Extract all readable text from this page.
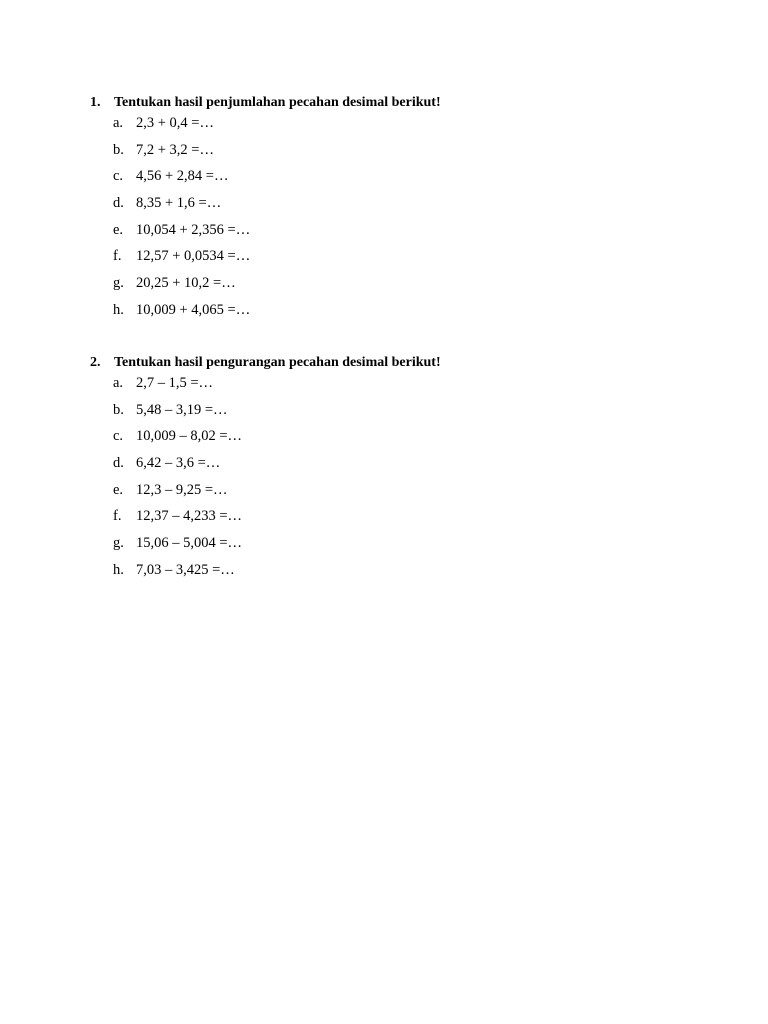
1. Tentukan hasil penjumlahan pecahan desimal berikut!
a. 2,3 + 0,4 =…
b. 7,2 + 3,2 =…
c. 4,56 + 2,84 =…
d. 8,35 + 1,6 =…
e. 10,054 + 2,356 =…
f. 12,57 + 0,0534 =…
g. 20,25 + 10,2 =…
h. 10,009 + 4,065 =…
2. Tentukan hasil pengurangan pecahan desimal berikut!
a. 2,7 – 1,5 =…
b. 5,48 – 3,19 =…
c. 10,009 – 8,02 =…
d. 6,42 – 3,6 =…
e. 12,3 – 9,25 =…
f. 12,37 – 4,233 =…
g. 15,06 – 5,004 =…
h. 7,03 – 3,425 =…
